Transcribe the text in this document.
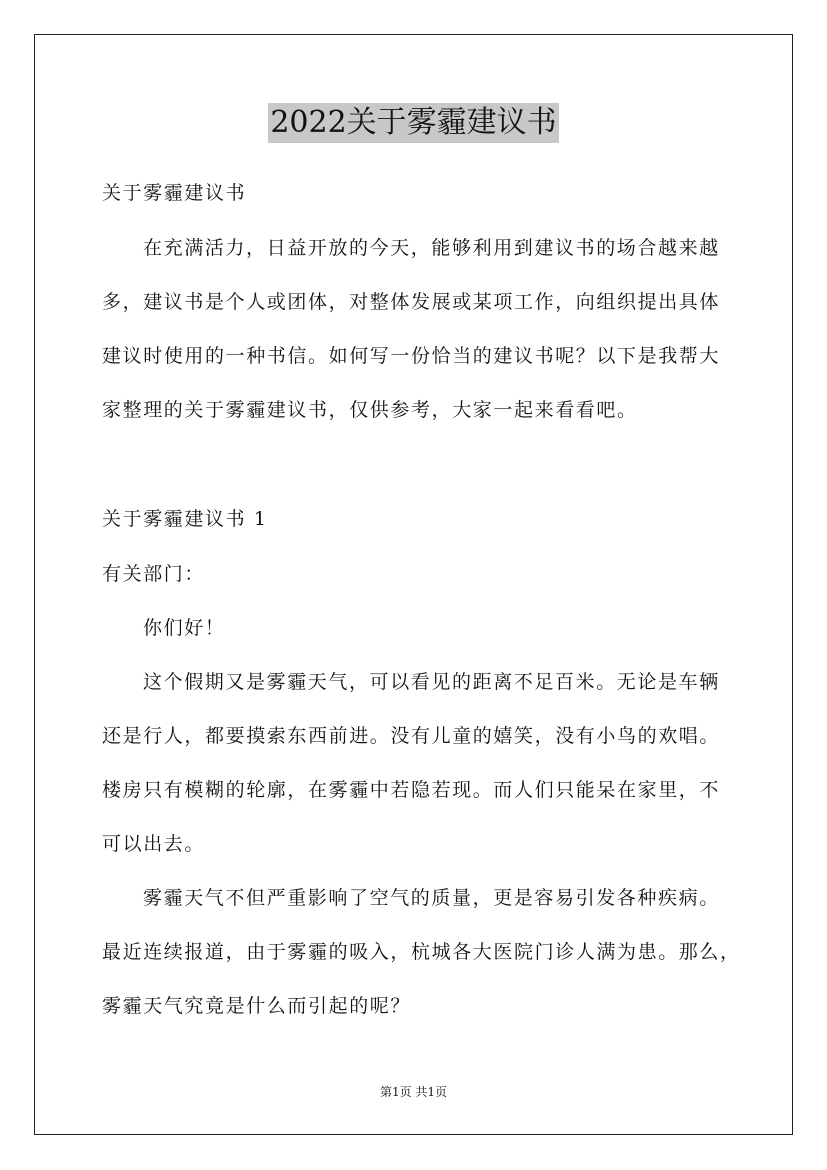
2022关于雾霾建议书
关于雾霾建议书
在充满活力，日益开放的今天，能够利用到建议书的场合越来越
多，建议书是个人或团体，对整体发展或某项工作，向组织提出具体
建议时使用的一种书信。如何写一份恰当的建议书呢？以下是我帮大
家整理的关于雾霾建议书，仅供参考，大家一起来看看吧。
关于雾霾建议书 1
有关部门：
你们好！
这个假期又是雾霾天气，可以看见的距离不足百米。无论是车辆
还是行人，都要摸索东西前进。没有儿童的嬉笑，没有小鸟的欢唱。
楼房只有模糊的轮廓，在雾霾中若隐若现。而人们只能呆在家里，不
可以出去。
雾霾天气不但严重影响了空气的质量，更是容易引发各种疾病。
最近连续报道，由于雾霾的吸入，杭城各大医院门诊人满为患。那么，
雾霾天气究竟是什么而引起的呢？
第1页 共1页
